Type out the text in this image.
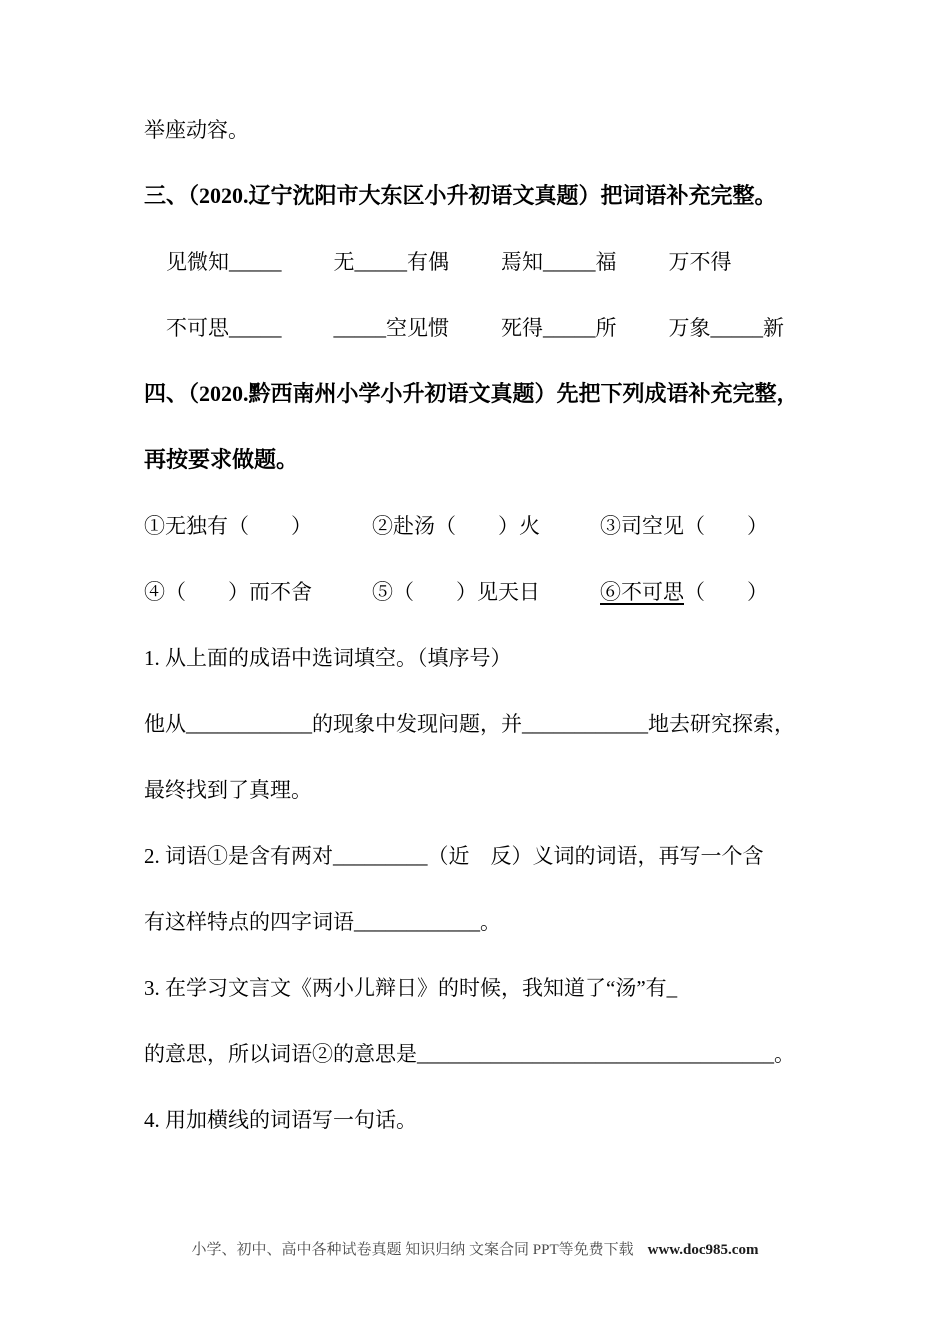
举座动容。

三、（2020.辽宁沈阳市大东区小升初语文真题）把词语补充完整。

见微知_____ 无_____有偶 焉知_____福 万不得

不可思_____ _____空见惯 死得_____所 万象_____新

四、（2020.黔西南州小学小升初语文真题）先把下列成语补充完整，

再按要求做题。

①无独有（　　）	②赴汤（　　）火	③司空见（　　）

④（　　）而不舍	⑤（　　）见天日	⑥不可思（　　）

1. 从上面的成语中选词填空。（填序号）

他从____________的现象中发现问题，并____________地去研究探索，

最终找到了真理。

2. 词语①是含有两对_________（近　反）义词的词语，再写一个含

有这样特点的四字词语____________。

3. 在学习文言文《两小儿辩日》的时候，我知道了“汤”有_

的意思，所以词语②的意思是__________________________________。

4. 用加横线的词语写一句话。

小学、初中、高中各种试卷真题 知识归纳 文案合同 PPT等免费下载 www.doc985.com
